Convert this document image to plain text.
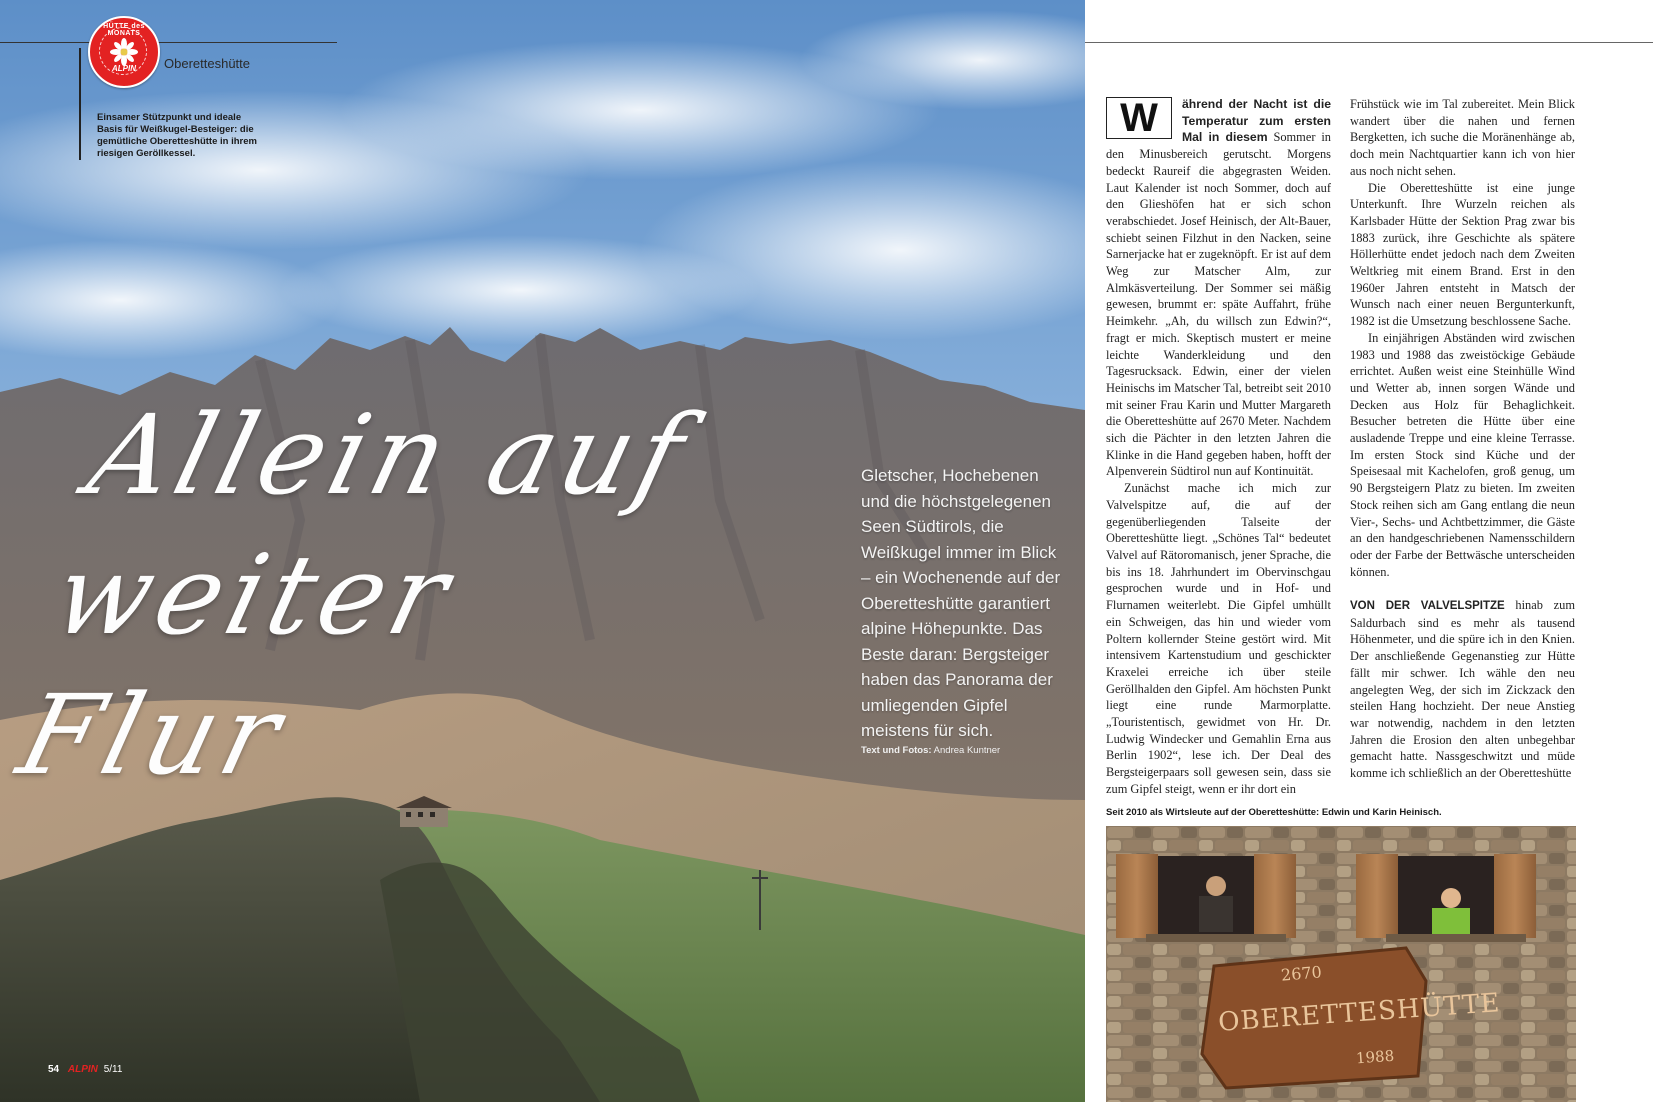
HÜTTE des MONATS
ALPIN	Oberetteshütte
Einsamer Stützpunkt und ideale Basis für Weißkugel-Besteiger: die gemütliche Oberetteshütte in ihrem riesigen Geröllkessel.
Allein auf
weiter Flur
Gletscher, Hochebenen und die höchstgelegenen Seen Südtirols, die Weißkugel immer im Blick – ein Wochenende auf der Oberetteshütte garantiert alpine Höhepunkte. Das Beste daran: Bergsteiger haben das Panorama der umliegenden Gipfel meistens für sich.
Text und Fotos: Andrea Kuntner
54 ALPIN 5/11

W	ährend der Nacht ist die Temperatur zum ersten Mal in diesem Sommer in den Minusbereich gerutscht. Morgens bedeckt Raureif die abgegrasten Weiden. Laut Kalender ist noch Sommer, doch auf den Glieshöfen hat er sich schon verabschiedet. Josef Heinisch, der Alt-Bauer, schiebt seinen Filzhut in den Nacken, seine Sarnerjacke hat er zugeknöpft. Er ist auf dem Weg zur Matscher Alm, zur Almkäsverteilung. Der Sommer sei mäßig gewesen, brummt er: späte Auffahrt, frühe Heimkehr. „Ah, du willsch zun Edwin?“, fragt er mich. Skeptisch mustert er meine leichte Wanderkleidung und den Tagesrucksack. Edwin, einer der vielen Heinischs im Matscher Tal, betreibt seit 2010 mit seiner Frau Karin und Mutter Margareth die Oberetteshütte auf 2670 Meter. Nachdem sich die Pächter in den letzten Jahren die Klinke in die Hand gegeben haben, hofft der Alpenverein Südtirol nun auf Kontinuität.

Zunächst mache ich mich zur Valvelspitze auf, die auf der gegenüberliegenden Talseite der Oberetteshütte liegt. „Schönes Tal“ bedeutet Valvel auf Rätoromanisch, jener Sprache, die bis ins 18. Jahrhundert im Obervinschgau gesprochen wurde und in Hof- und Flurnamen weiterlebt. Die Gipfel umhüllt ein Schweigen, das hin und wieder vom Poltern kollernder Steine gestört wird. Mit intensivem Kartenstudium und geschickter Kraxelei erreiche ich über steile Geröllhalden den Gipfel. Am höchsten Punkt liegt eine runde Marmorplatte. „Touristentisch, gewidmet von Hr. Dr. Ludwig Windecker und Gemahlin Erna aus Berlin 1902“, lese ich. Der Deal des Bergsteigerpaars soll gewesen sein, dass sie zum Gipfel steigt, wenn er ihr dort ein

Frühstück wie im Tal zubereitet. Mein Blick wandert über die nahen und fernen Bergketten, ich suche die Moränenhänge ab, doch mein Nachtquartier kann ich von hier aus noch nicht sehen.

Die Oberetteshütte ist eine junge Unterkunft. Ihre Wurzeln reichen als Karlsbader Hütte der Sektion Prag zwar bis 1883 zurück, ihre Geschichte als spätere Höllerhütte endet jedoch nach dem Zweiten Weltkrieg mit einem Brand. Erst in den 1960er Jahren entsteht in Matsch der Wunsch nach einer neuen Bergunterkunft, 1982 ist die Umsetzung beschlossene Sache.

In einjährigen Abständen wird zwischen 1983 und 1988 das zweistöckige Gebäude errichtet. Außen weist eine Steinhülle Wind und Wetter ab, innen sorgen Wände und Decken aus Holz für Behaglichkeit. Besucher betreten die Hütte über eine ausladende Treppe und eine kleine Terrasse. Im ersten Stock sind Küche und der Speisesaal mit Kachelofen, groß genug, um 90 Bergsteigern Platz zu bieten. Im zweiten Stock reihen sich am Gang entlang die neun Vier-, Sechs- und Achtbettzimmer, die Gäste an den handgeschriebenen Namensschildern oder der Farbe der Bettwäsche unterscheiden können.

VON DER VALVELSPITZE hinab zum Saldurbach sind es mehr als tausend Höhenmeter, und die spüre ich in den Knien. Der anschließende Gegenanstieg zur Hütte fällt mir schwer. Ich wähle den neu angelegten Weg, der sich im Zickzack den steilen Hang hochzieht. Der neue Anstieg war notwendig, nachdem in den letzten Jahren die Erosion den alten unbegehbar gemacht hatte. Nassgeschwitzt und müde komme ich schließlich an der Oberetteshütte

Seit 2010 als Wirtsleute auf der Oberetteshütte: Edwin und Karin Heinisch.
2670
OBERETTESHÜTTE
1988
